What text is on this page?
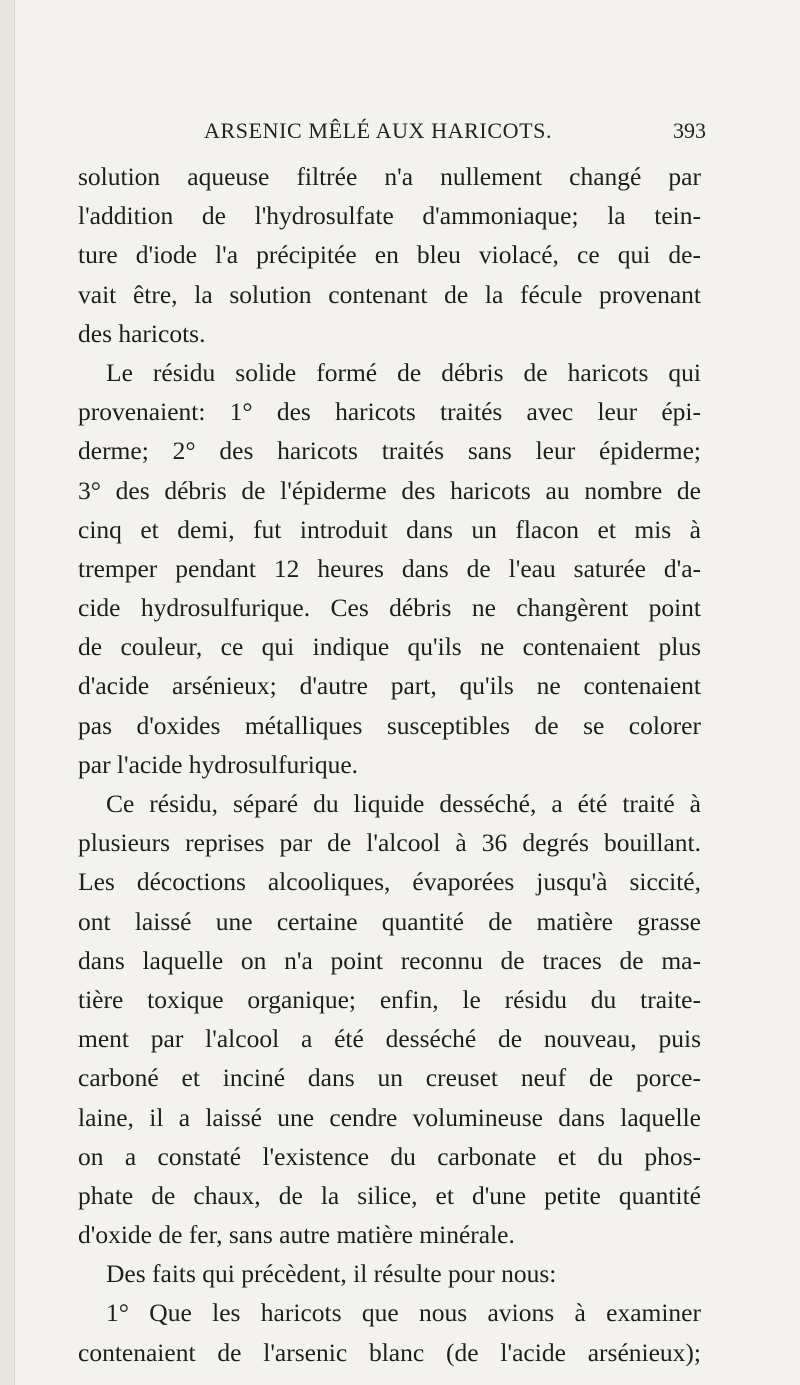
ARSENIC MÊLÉ AUX HARICOTS.	393
solution aqueuse filtrée n'a nullement changé par
l'addition de l'hydrosulfate d'ammoniaque; la tein-
ture d'iode l'a précipitée en bleu violacé, ce qui de-
vait être, la solution contenant de la fécule provenant
des haricots.
Le résidu solide formé de débris de haricots qui
provenaient: 1° des haricots traités avec leur épi-
derme; 2° des haricots traités sans leur épiderme;
3° des débris de l'épiderme des haricots au nombre de
cinq et demi, fut introduit dans un flacon et mis à
tremper pendant 12 heures dans de l'eau saturée d'a-
cide hydrosulfurique. Ces débris ne changèrent point
de couleur, ce qui indique qu'ils ne contenaient plus
d'acide arsénieux; d'autre part, qu'ils ne contenaient
pas d'oxides métalliques susceptibles de se colorer
par l'acide hydrosulfurique.
Ce résidu, séparé du liquide desséché, a été traité à
plusieurs reprises par de l'alcool à 36 degrés bouillant.
Les décoctions alcooliques, évaporées jusqu'à siccité,
ont laissé une certaine quantité de matière grasse
dans laquelle on n'a point reconnu de traces de ma-
tière toxique organique; enfin, le résidu du traite-
ment par l'alcool a été desséché de nouveau, puis
carboné et inciné dans un creuset neuf de porce-
laine, il a laissé une cendre volumineuse dans laquelle
on a constaté l'existence du carbonate et du phos-
phate de chaux, de la silice, et d'une petite quantité
d'oxide de fer, sans autre matière minérale.
Des faits qui précèdent, il résulte pour nous:
1° Que les haricots que nous avions à examiner
contenaient de l'arsenic blanc (de l'acide arsénieux);
